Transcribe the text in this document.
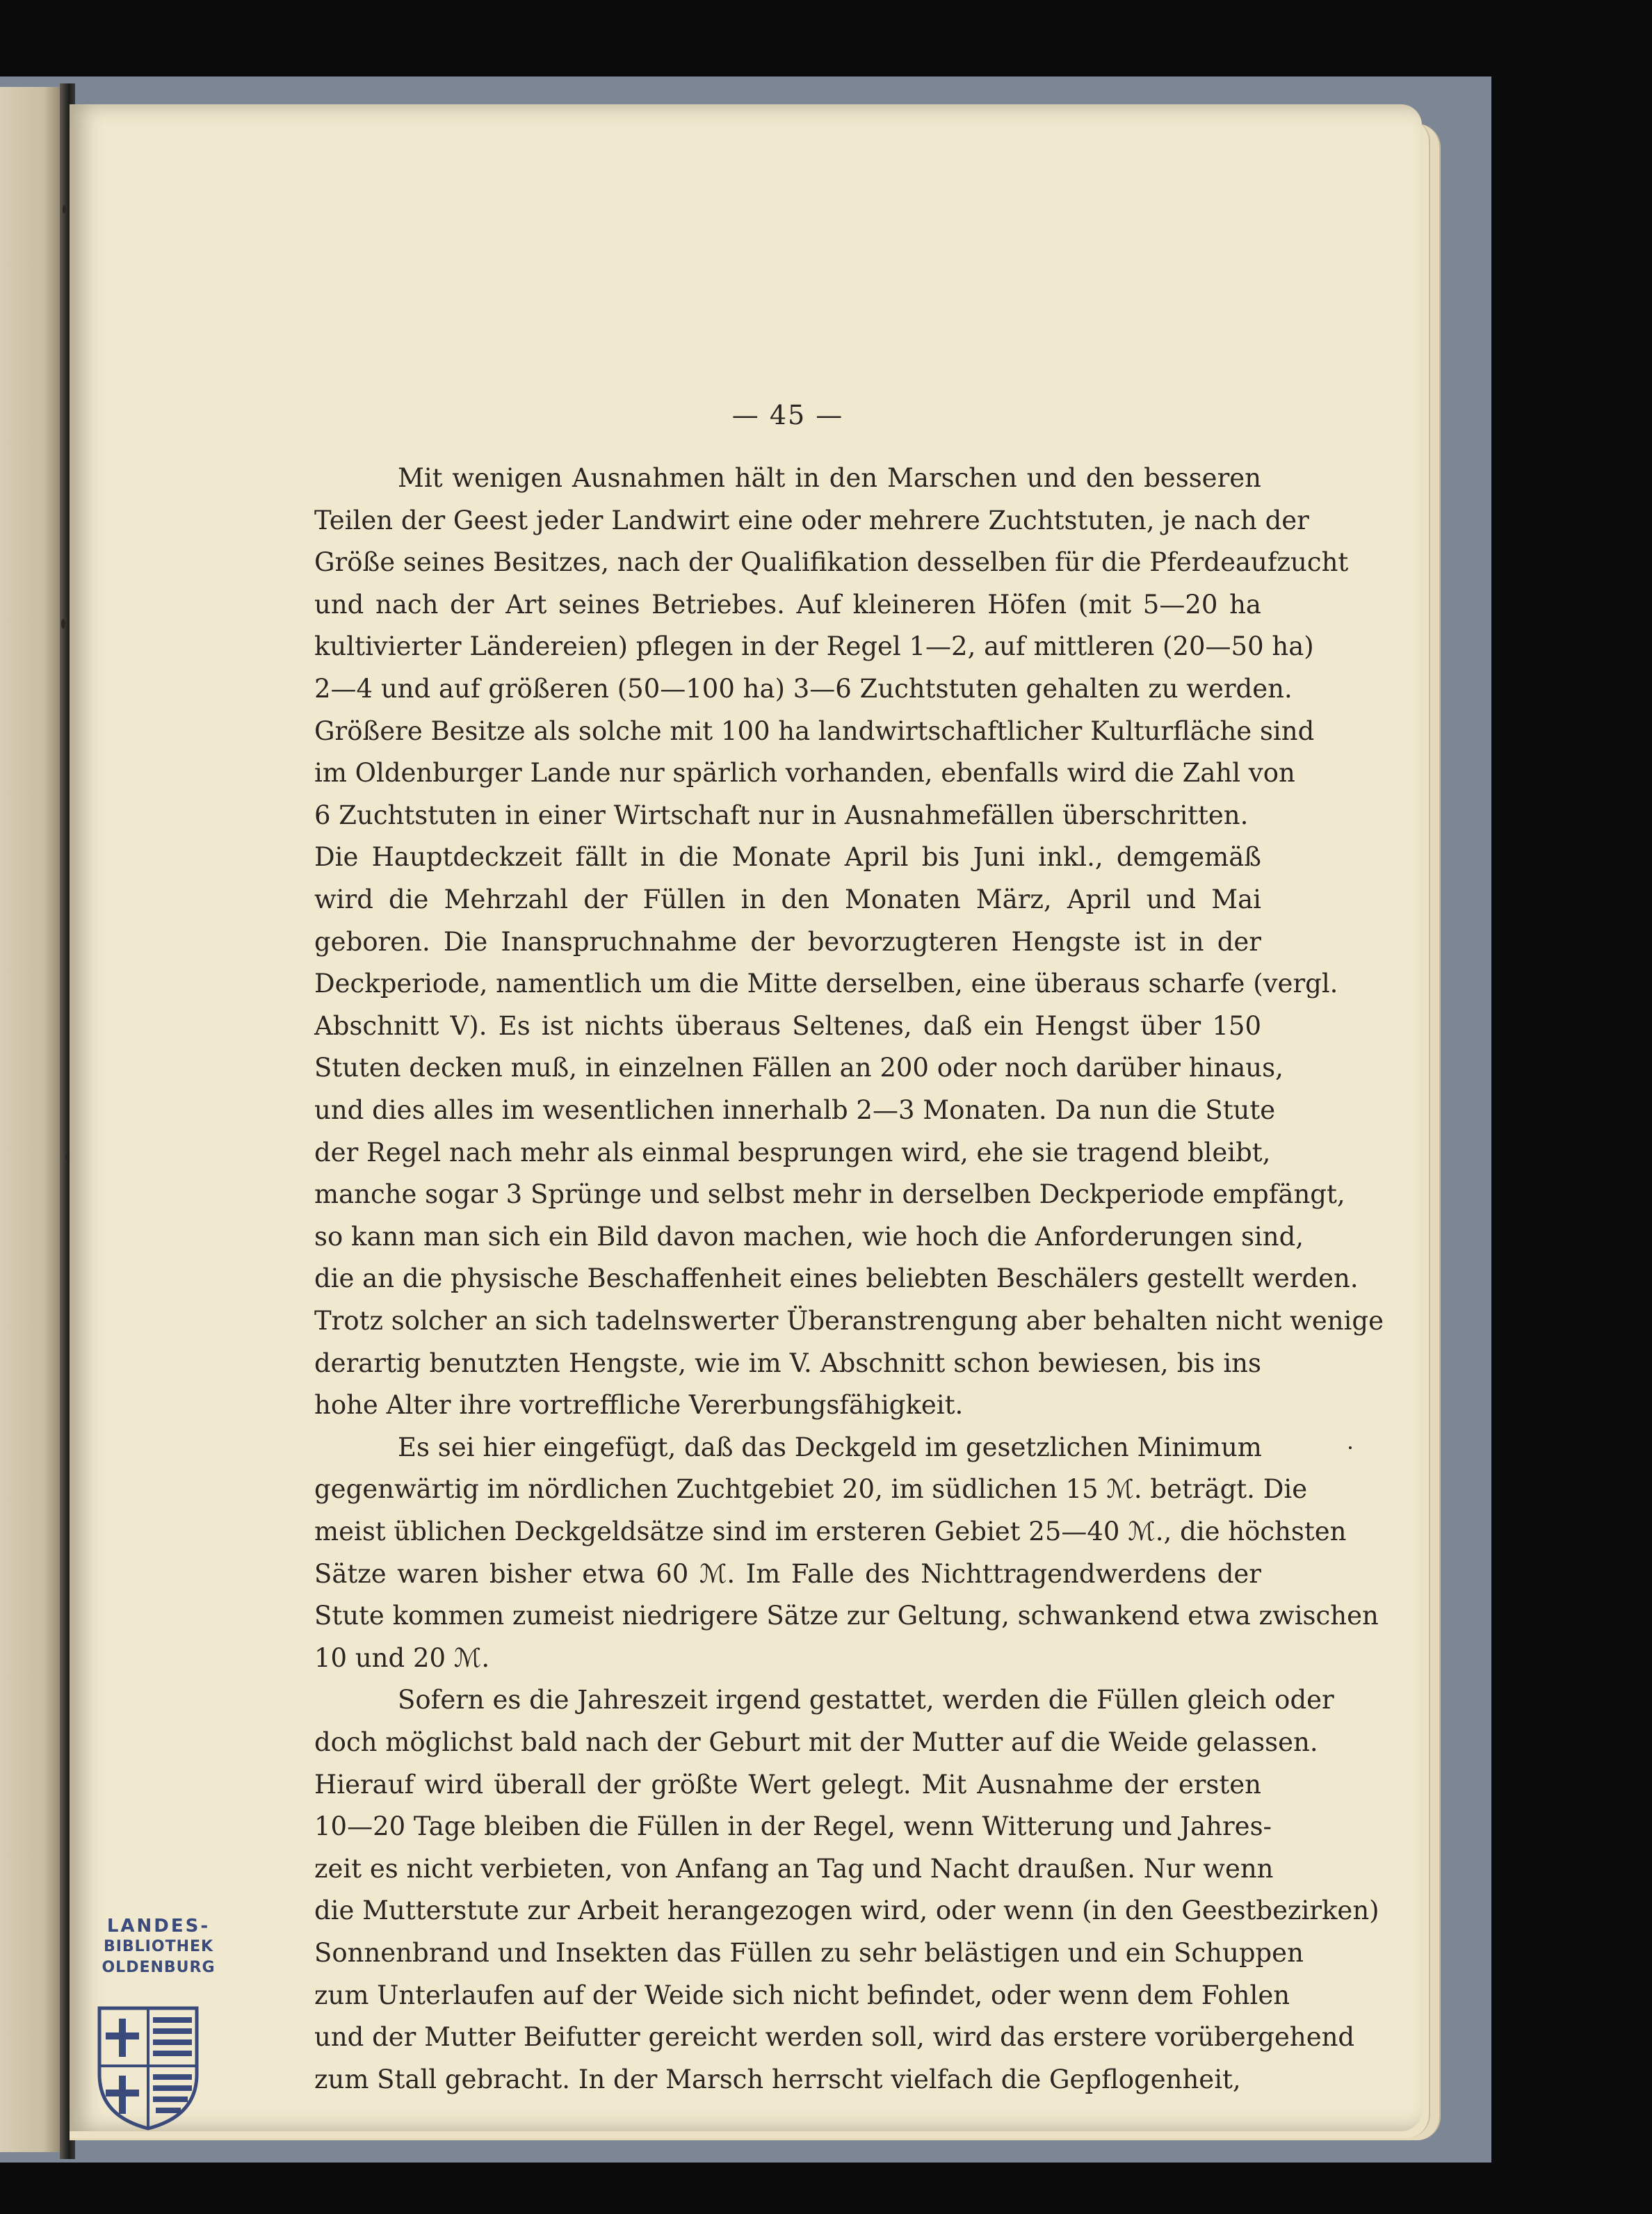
— 45 —
Mit wenigen Ausnahmen hält in den Marschen und den besseren
Teilen der Geest jeder Landwirt eine oder mehrere Zuchtstuten, je nach der
Größe seines Besitzes, nach der Qualifikation desselben für die Pferdeaufzucht
und nach der Art seines Betriebes. Auf kleineren Höfen (mit 5—20 ha
kultivierter Ländereien) pflegen in der Regel 1—2, auf mittleren (20—50 ha)
2—4 und auf größeren (50—100 ha) 3—6 Zuchtstuten gehalten zu werden.
Größere Besitze als solche mit 100 ha landwirtschaftlicher Kulturfläche sind
im Oldenburger Lande nur spärlich vorhanden, ebenfalls wird die Zahl von
6 Zuchtstuten in einer Wirtschaft nur in Ausnahmefällen überschritten.
Die Hauptdeckzeit fällt in die Monate April bis Juni inkl., demgemäß
wird die Mehrzahl der Füllen in den Monaten März, April und Mai
geboren. Die Inanspruchnahme der bevorzugteren Hengste ist in der
Deckperiode, namentlich um die Mitte derselben, eine überaus scharfe (vergl.
Abschnitt V). Es ist nichts überaus Seltenes, daß ein Hengst über 150
Stuten decken muß, in einzelnen Fällen an 200 oder noch darüber hinaus,
und dies alles im wesentlichen innerhalb 2—3 Monaten. Da nun die Stute
der Regel nach mehr als einmal besprungen wird, ehe sie tragend bleibt,
manche sogar 3 Sprünge und selbst mehr in derselben Deckperiode empfängt,
so kann man sich ein Bild davon machen, wie hoch die Anforderungen sind,
die an die physische Beschaffenheit eines beliebten Beschälers gestellt werden.
Trotz solcher an sich tadelnswerter Überanstrengung aber behalten nicht wenige
derartig benutzten Hengste, wie im V. Abschnitt schon bewiesen, bis ins
hohe Alter ihre vortreffliche Vererbungsfähigkeit.
Es sei hier eingefügt, daß das Deckgeld im gesetzlichen Minimum
gegenwärtig im nördlichen Zuchtgebiet 20, im südlichen 15 ℳ. beträgt. Die
meist üblichen Deckgeldsätze sind im ersteren Gebiet 25—40 ℳ., die höchsten
Sätze waren bisher etwa 60 ℳ. Im Falle des Nichttragendwerdens der
Stute kommen zumeist niedrigere Sätze zur Geltung, schwankend etwa zwischen
10 und 20 ℳ.
Sofern es die Jahreszeit irgend gestattet, werden die Füllen gleich oder
doch möglichst bald nach der Geburt mit der Mutter auf die Weide gelassen.
Hierauf wird überall der größte Wert gelegt. Mit Ausnahme der ersten
10—20 Tage bleiben die Füllen in der Regel, wenn Witterung und Jahres-
zeit es nicht verbieten, von Anfang an Tag und Nacht draußen. Nur wenn
die Mutterstute zur Arbeit herangezogen wird, oder wenn (in den Geestbezirken)
Sonnenbrand und Insekten das Füllen zu sehr belästigen und ein Schuppen
zum Unterlaufen auf der Weide sich nicht befindet, oder wenn dem Fohlen
und der Mutter Beifutter gereicht werden soll, wird das erstere vorübergehend
zum Stall gebracht. In der Marsch herrscht vielfach die Gepflogenheit,
LANDES-
BIBLIOTHEK
OLDENBURG
